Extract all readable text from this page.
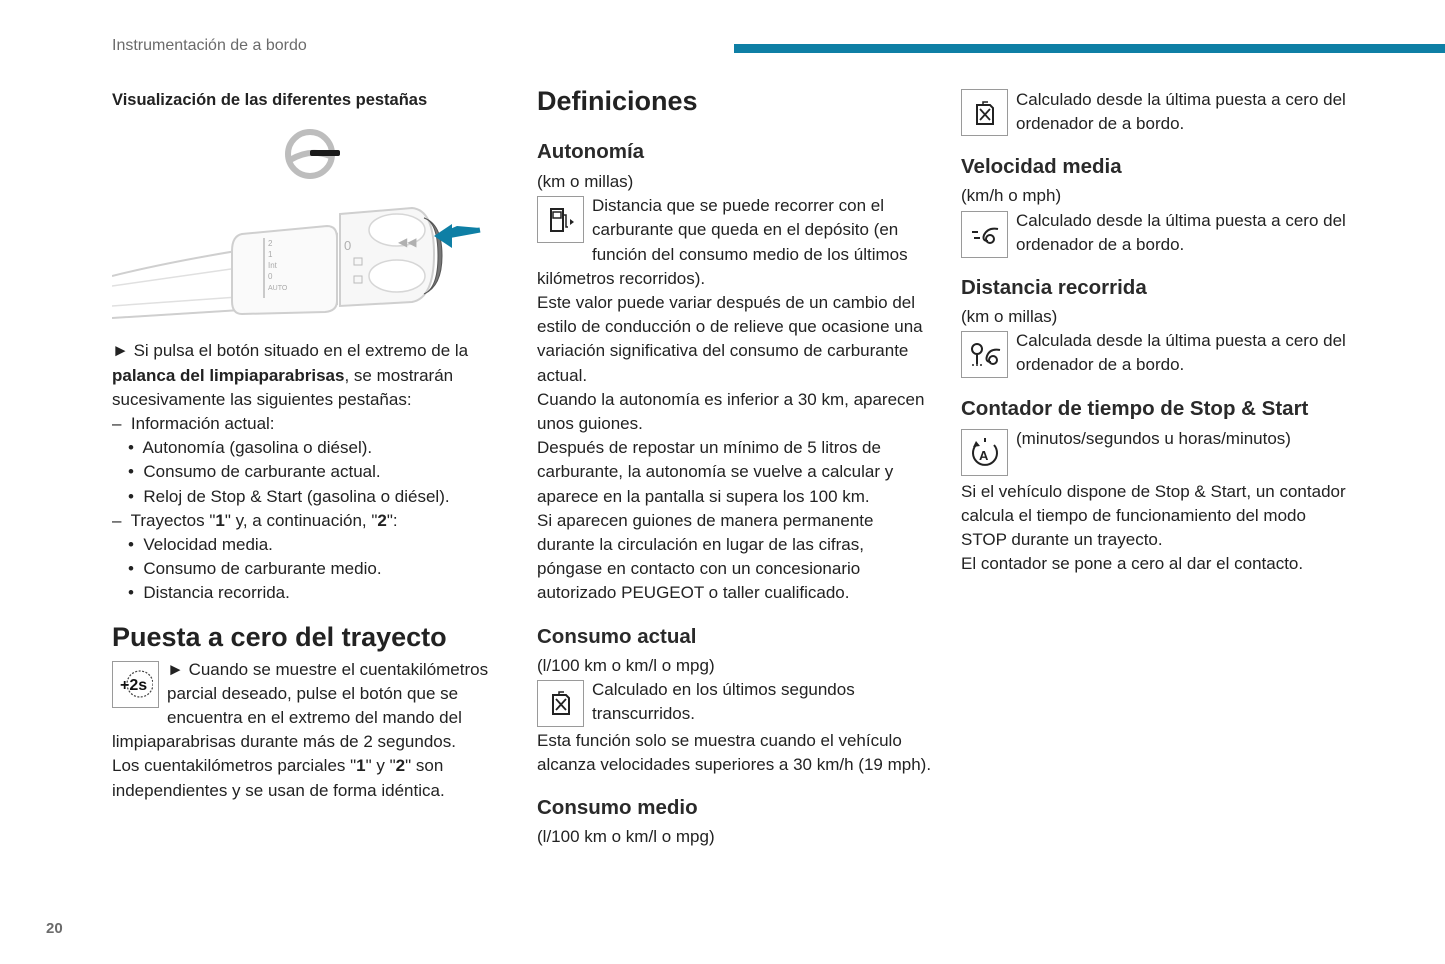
Instrumentación de a bordo

Visualización de las diferentes pestañas

2
1
Int
0
AUTO
0	◀◀

► Si pulsa el botón situado en el extremo de la palanca del limpiaparabrisas, se mostrarán sucesivamente las siguientes pestañas:

–  Información actual:
•  Autonomía (gasolina o diésel).
•  Consumo de carburante actual.
•  Reloj de Stop & Start (gasolina o diésel).
–  Trayectos "1" y, a continuación, "2":
•  Velocidad media.
•  Consumo de carburante medio.
•  Distancia recorrida.

Puesta a cero del trayecto

+2s

► Cuando se muestre el cuentakilómetros parcial deseado, pulse el botón que se encuentra en el extremo del mando del limpiaparabrisas durante más de 2 segundos.

Los cuentakilómetros parciales "1" y "2" son independientes y se usan de forma idéntica.

Definiciones

Autonomía

(km o millas)

Distancia que se puede recorrer con el carburante que queda en el depósito (en función del consumo medio de los últimos kilómetros recorridos).

Este valor puede variar después de un cambio del estilo de conducción o de relieve que ocasione una variación significativa del consumo de carburante actual.

Cuando la autonomía es inferior a 30 km, aparecen unos guiones.

Después de repostar un mínimo de 5 litros de carburante, la autonomía se vuelve a calcular y aparece en la pantalla si supera los 100 km.

Si aparecen guiones de manera permanente durante la circulación en lugar de las cifras, póngase en contacto con un concesionario autorizado PEUGEOT o taller cualificado.

Consumo actual

(l/100 km o km/l o mpg)

Calculado en los últimos segundos transcurridos.

Esta función solo se muestra cuando el vehículo alcanza velocidades superiores a 30 km/h (19 mph).

Consumo medio

(l/100 km o km/l o mpg)

Calculado desde la última puesta a cero del ordenador de a bordo.

Velocidad media

(km/h o mph)

Calculado desde la última puesta a cero del ordenador de a bordo.

Distancia recorrida

(km o millas)

Calculada desde la última puesta a cero del ordenador de a bordo.

Contador de tiempo de Stop & Start

A

(minutos/segundos u horas/minutos)

Si el vehículo dispone de Stop & Start, un contador calcula el tiempo de funcionamiento del modo STOP durante un trayecto.

El contador se pone a cero al dar el contacto.

20
